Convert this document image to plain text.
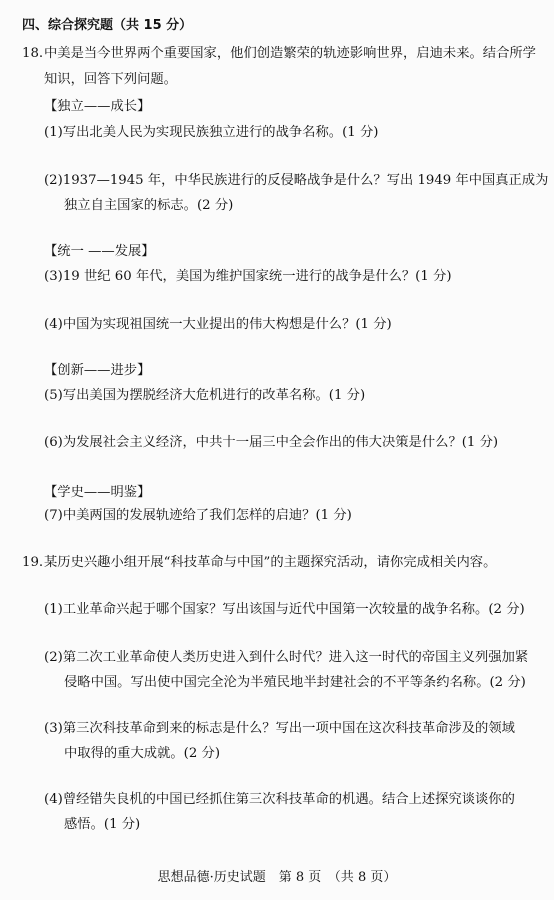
四、综合探究题（共 15 分）
18. 中美是当今世界两个重要国家，他们创造繁荣的轨迹影响世界，启迪未来。结合所学
知识，回答下列问题。
【独立——成长】
(1)写出北美人民为实现民族独立进行的战争名称。(1 分)
(2)1937—1945 年，中华民族进行的反侵略战争是什么？写出 1949 年中国真正成为
独立自主国家的标志。(2 分)
【统一 ——发展】
(3)19 世纪 60 年代，美国为维护国家统一进行的战争是什么？(1 分)
(4)中国为实现祖国统一大业提出的伟大构想是什么？(1 分)
【创新——进步】
(5)写出美国为摆脱经济大危机进行的改革名称。(1 分)
(6)为发展社会主义经济，中共十一届三中全会作出的伟大决策是什么？(1 分)
【学史——明鉴】
(7)中美两国的发展轨迹给了我们怎样的启迪？(1 分)
19. 某历史兴趣小组开展“科技革命与中国”的主题探究活动，请你完成相关内容。
(1)工业革命兴起于哪个国家？写出该国与近代中国第一次较量的战争名称。(2 分)
(2)第二次工业革命使人类历史进入到什么时代？进入这一时代的帝国主义列强加紧
侵略中国。写出使中国完全沦为半殖民地半封建社会的不平等条约名称。(2 分)
(3)第三次科技革命到来的标志是什么？写出一项中国在这次科技革命涉及的领域
中取得的重大成就。(2 分)
(4)曾经错失良机的中国已经抓住第三次科技革命的机遇。结合上述探究谈谈你的
感悟。(1 分)
思想品德·历史试题　第 8 页　（共 8 页）
